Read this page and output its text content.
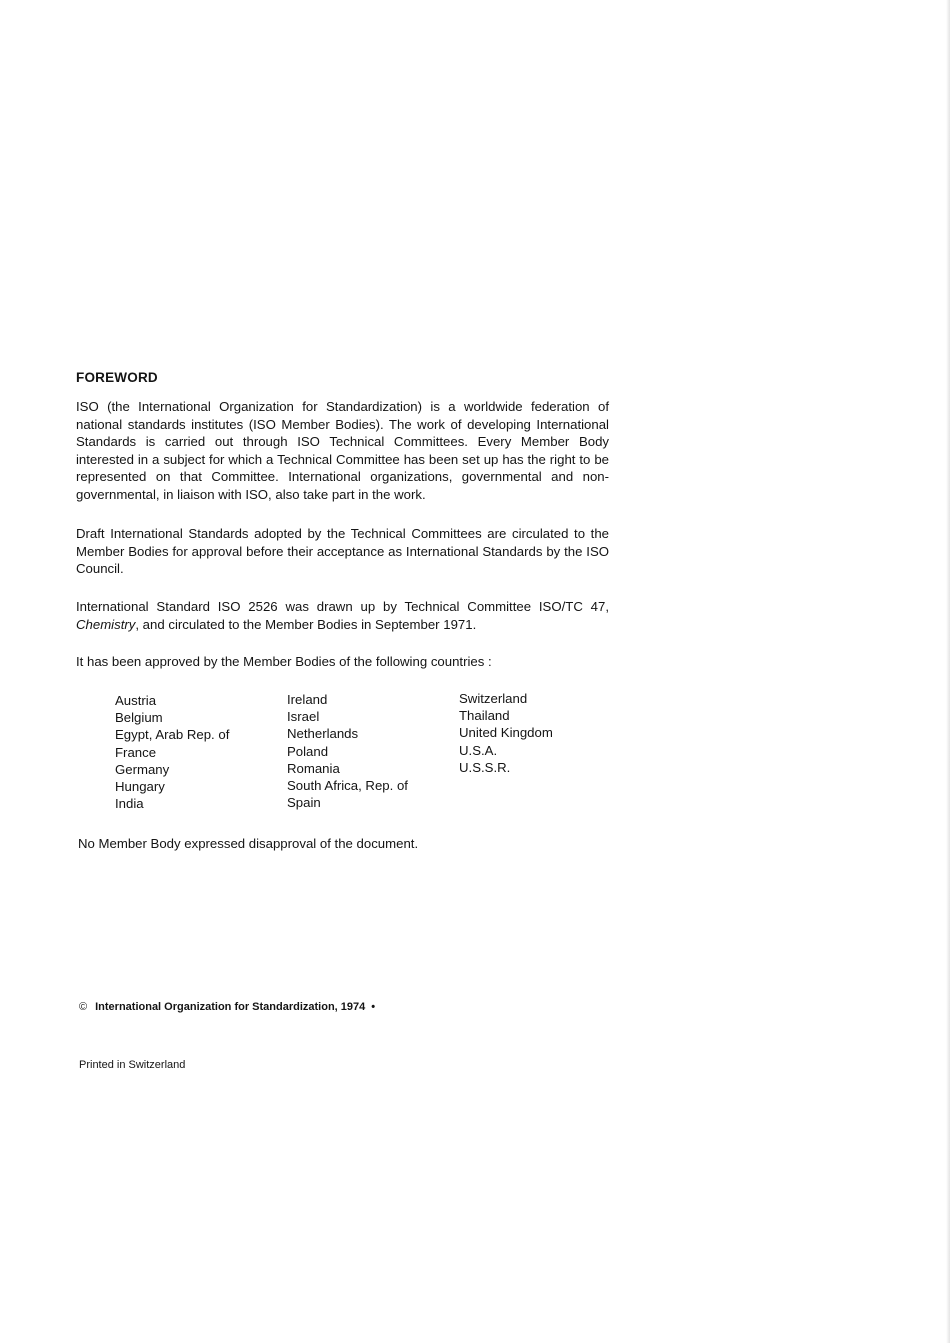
FOREWORD

ISO (the International Organization for Standardization) is a worldwide federation of national standards institutes (ISO Member Bodies). The work of developing International Standards is carried out through ISO Technical Committees. Every Member Body interested in a subject for which a Technical Committee has been set up has the right to be represented on that Committee. International organizations, governmental and non-governmental, in liaison with ISO, also take part in the work.

Draft International Standards adopted by the Technical Committees are circulated to the Member Bodies for approval before their acceptance as International Standards by the ISO Council.

International Standard ISO 2526 was drawn up by Technical Committee ISO/TC 47, Chemistry, and circulated to the Member Bodies in September 1971.

It has been approved by the Member Bodies of the following countries :

Austria
Belgium
Egypt, Arab Rep. of
France
Germany
Hungary
India
Ireland
Israel
Netherlands
Poland
Romania
South Africa, Rep. of
Spain
Switzerland
Thailand
United Kingdom
U.S.A.
U.S.S.R.

No Member Body expressed disapproval of the document.

© International Organization for Standardization, 1974 •
Printed in Switzerland
